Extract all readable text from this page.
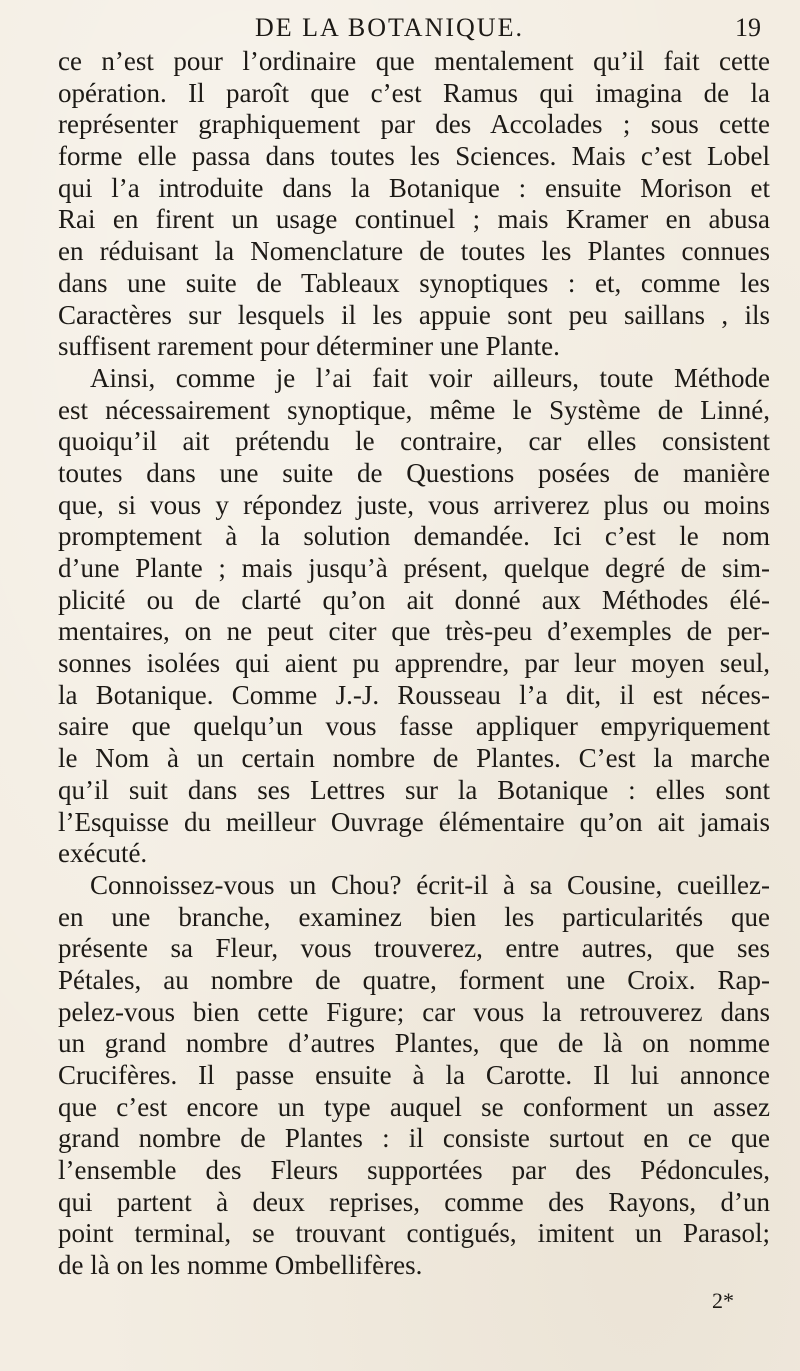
DE LA BOTANIQUE.	19
ce n’est pour l’ordinaire que mentalement qu’il fait cette
opération. Il paroît que c’est Ramus qui imagina de la
représenter graphiquement par des Accolades ; sous cette
forme elle passa dans toutes les Sciences. Mais c’est Lobel
qui l’a introduite dans la Botanique : ensuite Morison et
Rai en firent un usage continuel ; mais Kramer en abusa
en réduisant la Nomenclature de toutes les Plantes connues
dans une suite de Tableaux synoptiques : et, comme les
Caractères sur lesquels il les appuie sont peu saillans , ils
suffisent rarement pour déterminer une Plante.
Ainsi, comme je l’ai fait voir ailleurs, toute Méthode
est nécessairement synoptique, même le Système de Linné,
quoiqu’il ait prétendu le contraire, car elles consistent
toutes dans une suite de Questions posées de manière
que, si vous y répondez juste, vous arriverez plus ou moins
promptement à la solution demandée. Ici c’est le nom
d’une Plante ; mais jusqu’à présent, quelque degré de sim-
plicité ou de clarté qu’on ait donné aux Méthodes élé-
mentaires, on ne peut citer que très-peu d’exemples de per-
sonnes isolées qui aient pu apprendre, par leur moyen seul,
la Botanique. Comme J.-J. Rousseau l’a dit, il est néces-
saire que quelqu’un vous fasse appliquer empyriquement
le Nom à un certain nombre de Plantes. C’est la marche
qu’il suit dans ses Lettres sur la Botanique : elles sont
l’Esquisse du meilleur Ouvrage élémentaire qu’on ait jamais
exécuté.
Connoissez-vous un Chou? écrit-il à sa Cousine, cueillez-
en une branche, examinez bien les particularités que
présente sa Fleur, vous trouverez, entre autres, que ses
Pétales, au nombre de quatre, forment une Croix. Rap-
pelez-vous bien cette Figure; car vous la retrouverez dans
un grand nombre d’autres Plantes, que de là on nomme
Crucifères. Il passe ensuite à la Carotte. Il lui annonce
que c’est encore un type auquel se conforment un assez
grand nombre de Plantes : il consiste surtout en ce que
l’ensemble des Fleurs supportées par des Pédoncules,
qui partent à deux reprises, comme des Rayons, d’un
point terminal, se trouvant contigués, imitent un Parasol;
de là on les nomme Ombellifères.
2*
